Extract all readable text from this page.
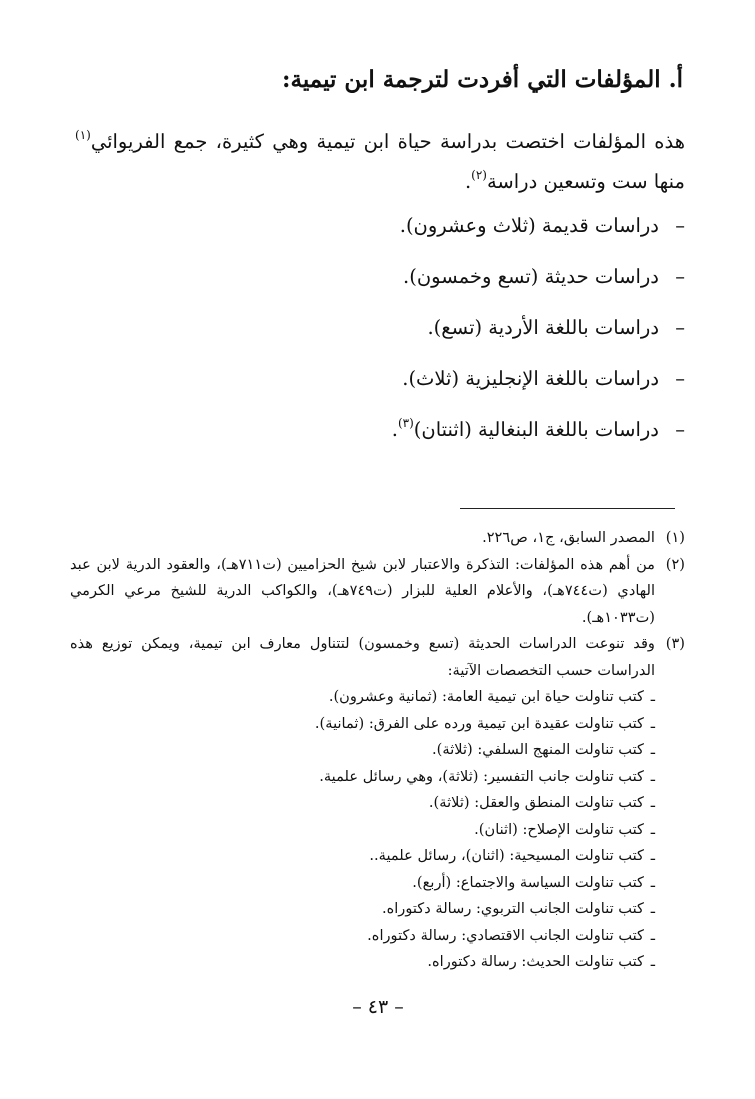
أ. المؤلفات التي أفردت لترجمة ابن تيمية:
هذه المؤلفات اختصت بدراسة حياة ابن تيمية وهي كثيرة، جمع الفريوائي$^{(١)}$ منها ست وتسعين دراسة$^{(٢)}$.
–دراسات قديمة (ثلاث وعشرون).
–دراسات حديثة (تسع وخمسون).
–دراسات باللغة الأردية (تسع).
–دراسات باللغة الإنجليزية (ثلاث).
–دراسات باللغة البنغالية (اثنتان)$^{(٣)}$.
(١)
المصدر السابق، ج١، ص٢٢٦.
(٢)
من أهم هذه المؤلفات: التذكرة والاعتبار لابن شيخ الحزاميين (ت٧١١هـ)، والعقود الدرية لابن عبد الهادي (ت٧٤٤هـ)، والأعلام العلية للبزار (ت٧٤٩هـ)، والكواكب الدرية للشيخ مرعي الكرمي (ت١٠٣٣هـ).
(٣)
وقد تنوعت الدراسات الحديثة (تسع وخمسون) لتتناول معارف ابن تيمية، ويمكن توزيع هذه الدراسات حسب التخصصات الآتية:
ـكتب تناولت حياة ابن تيمية العامة: (ثمانية وعشرون).
ـكتب تناولت عقيدة ابن تيمية ورده على الفرق: (ثمانية).
ـكتب تناولت المنهج السلفي: (ثلاثة).
ـكتب تناولت جانب التفسير: (ثلاثة)، وهي رسائل علمية.
ـكتب تناولت المنطق والعقل: (ثلاثة).
ـكتب تناولت الإصلاح: (اثنان).
ـكتب تناولت المسيحية: (اثنان)، رسائل علمية..
ـكتب تناولت السياسة والاجتماع: (أربع).
ـكتب تناولت الجانب التربوي: رسالة دكتوراه.
ـكتب تناولت الجانب الاقتصادي: رسالة دكتوراه.
ـكتب تناولت الحديث: رسالة دكتوراه.
– ٤٣ –
